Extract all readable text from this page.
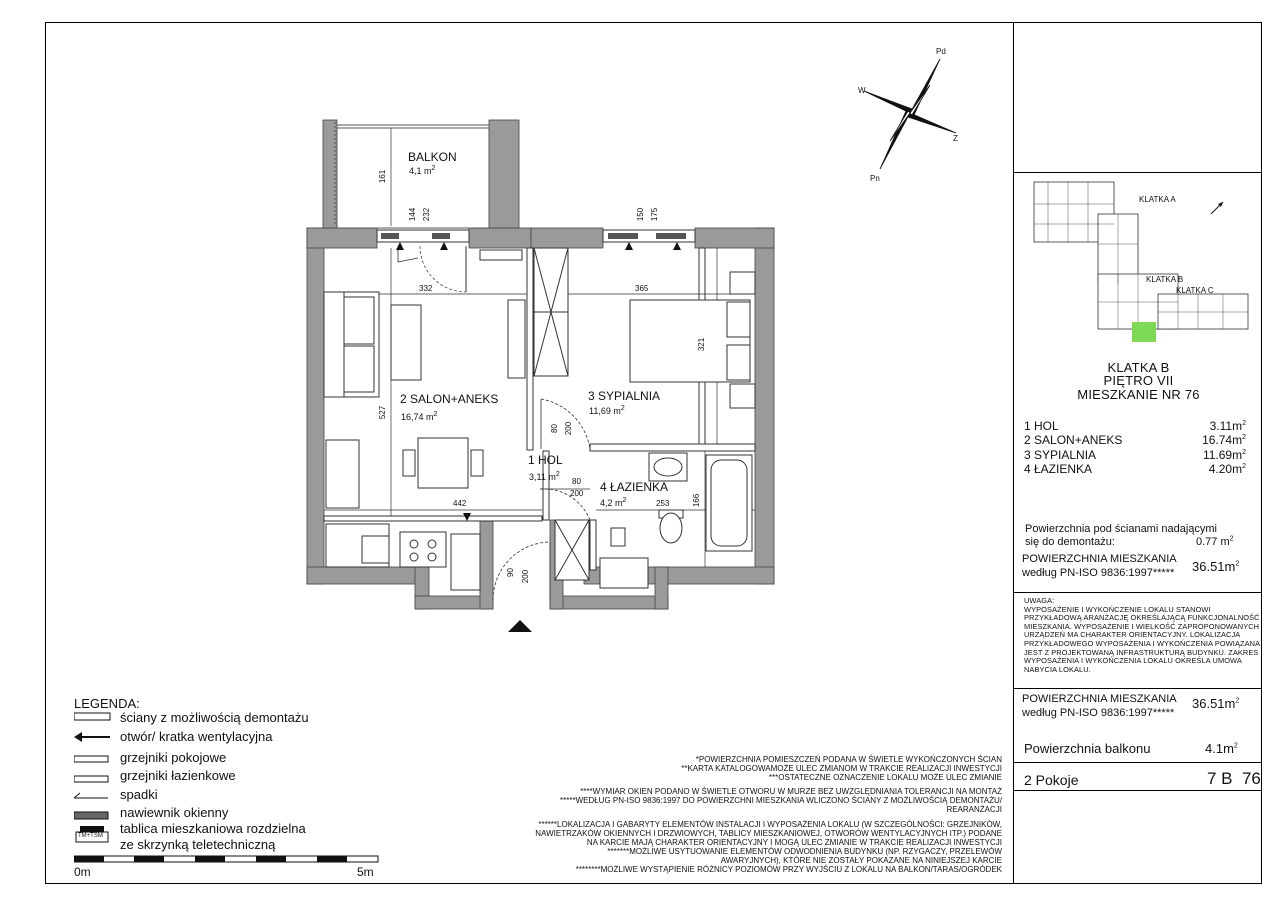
Pd
W
Z
Pn
BALKON
4,1 $m^2$
2 SALON+ANEKS
16,74 $m^2$
3 SYPIALNIA
11,69 $m^2$
1 HOL
3,11 $m^2$
4 ŁAZIENKA
4,2 $m^2$
332	365
321
527
161
144 232	150 175
80 200
80
200
442	253	166
90 200
LEGENDA:
TM+TSM
ściany z możliwością demontażu
otwór/ kratka wentylacyjna
grzejniki pokojowe
grzejniki łazienkowe
spadki
nawiewnik okienny
tablica mieszkaniowa rozdzielna
ze skrzynką teletechniczną
0m	5m
*POWIERZCHNIA POMIESZCZEŃ PODANA W ŚWIETLE WYKOŃCZONYCH ŚCIAN
**KARTA KATALOGOWAMOŻE ULEC ZMIANOM W TRAKCIE REALIZACJI INWESTYCJI
***OSTATECZNE OZNACZENIE LOKALU MOŻE ULEC ZMIANIE
****WYMIAR OKIEN PODANO W ŚWIETLE OTWORU W MURZE BEZ UWZGLĘDNIANIA TOLERANCJI NA MONTAŻ
*****WEDŁUG PN-ISO 9836:1997 DO POWIERZCHNI MIESZKANIA WLICZONO ŚCIANY Z MOŻLIWOŚCIĄ DEMONTAŻU/
REARANŻACJI
******LOKALIZACJA I GABARYTY ELEMENTÓW INSTALACJI I WYPOSAŻENIA LOKALU (W SZCZEGÓLNOŚCI: GRZEJNIKÓW,
NAWIETRZAKÓW OKIENNYCH I DRZWIOWYCH, TABLICY MIESZKANIOWEJ, OTWORÓW WENTYLACYJNYCH ITP.) PODANE
NA KARCIE MAJĄ CHARAKTER ORIENTACYJNY I MOGĄ ULEC ZMIANIE W TRAKCIE REALIZACJI INWESTYCJI
*******MOŻLIWE USYTUOWANIE ELEMENTÓW ODWODNIENIA BUDYNKU (NP. RZYGACZY, PRZELEWÓW
AWARYJNYCH), KTÓRE NIE ZOSTAŁY POKAZANE NA NINIEJSZEJ KARCIE
********MOŻLIWE WYSTĄPIENIE RÓŻNICY POZIOMÓW PRZY WYJŚCIU Z LOKALU NA BALKON/TARAS/OGRÓDEK
KLATKA A
KLATKA B
KLATKA C
KLATKA B
PIĘTRO VII
MIESZKANIE NR 76
1 HOL	$3.11m^2$
2 SALON+ANEKS	$16.74m^2$
3 SYPIALNIA	$11.69m^2$
4 ŁAZIENKA	$4.20m^2$
Powierzchnia pod ścianami nadającymi
się do demontażu:	0.77 $m^2$
POWIERZCHNIA MIESZKANIA
według PN-ISO 9836:1997***** $36.51m^2$
UWAGA:
WYPOSAŻENIE I WYKOŃCZENIE LOKALU STANOWI
PRZYKŁADOWĄ ARANŻACJĘ OKREŚLAJĄCĄ FUNKCJONALNOŚĆ
MIESZKANIA. WYPOSAŻENIE I WIELKOŚĆ ZAPROPONOWANYCH
URZĄDZEŃ MA CHARAKTER ORIENTACYJNY. LOKALIZACJA
PRZYKŁADOWEGO WYPOSAŻENIA I WYKOŃCZENIA POWIĄZANA
JEST Z PROJEKTOWANĄ INFRASTRUKTURĄ BUDYNKU. ZAKRES
WYPOSAŻENIA I WYKOŃCZENIA LOKALU OKREŚLA UMOWA
NABYCIA LOKALU.
POWIERZCHNIA MIESZKANIA
według PN-ISO 9836:1997*****
$36.51m^2$
Powierzchnia balkonu	$4.1m^2$
2 Pokoje	7 B  76
